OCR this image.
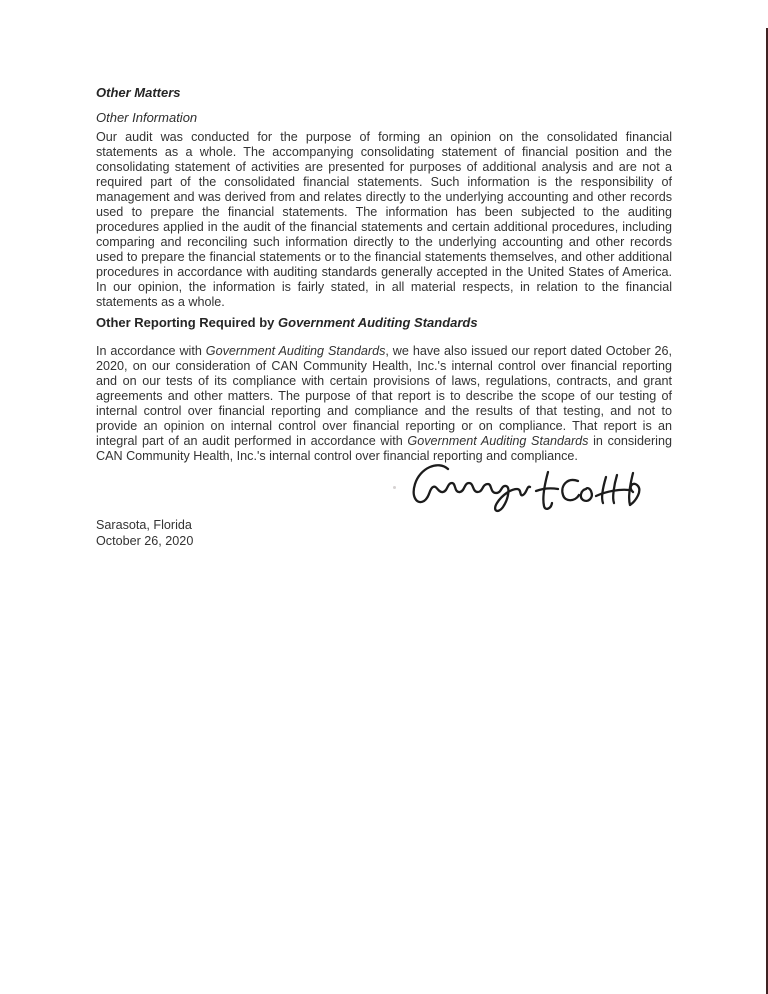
Other Matters
Other Information

Our audit was conducted for the purpose of forming an opinion on the consolidated financial statements as a whole. The accompanying consolidating statement of financial position and the consolidating statement of activities are presented for purposes of additional analysis and are not a required part of the consolidated financial statements. Such information is the responsibility of management and was derived from and relates directly to the underlying accounting and other records used to prepare the financial statements. The information has been subjected to the auditing procedures applied in the audit of the financial statements and certain additional procedures, including comparing and reconciling such information directly to the underlying accounting and other records used to prepare the financial statements or to the financial statements themselves, and other additional procedures in accordance with auditing standards generally accepted in the United States of America. In our opinion, the information is fairly stated, in all material respects, in relation to the financial statements as a whole.

Other Reporting Required by Government Auditing Standards

In accordance with Government Auditing Standards, we have also issued our report dated October 26, 2020, on our consideration of CAN Community Health, Inc.'s internal control over financial reporting and on our tests of its compliance with certain provisions of laws, regulations, contracts, and grant agreements and other matters. The purpose of that report is to describe the scope of our testing of internal control over financial reporting and compliance and the results of that testing, and not to provide an opinion on internal control over financial reporting or on compliance. That report is an integral part of an audit performed in accordance with Government Auditing Standards in considering CAN Community Health, Inc.'s internal control over financial reporting and compliance.

Sarasota, Florida
October 26, 2020
